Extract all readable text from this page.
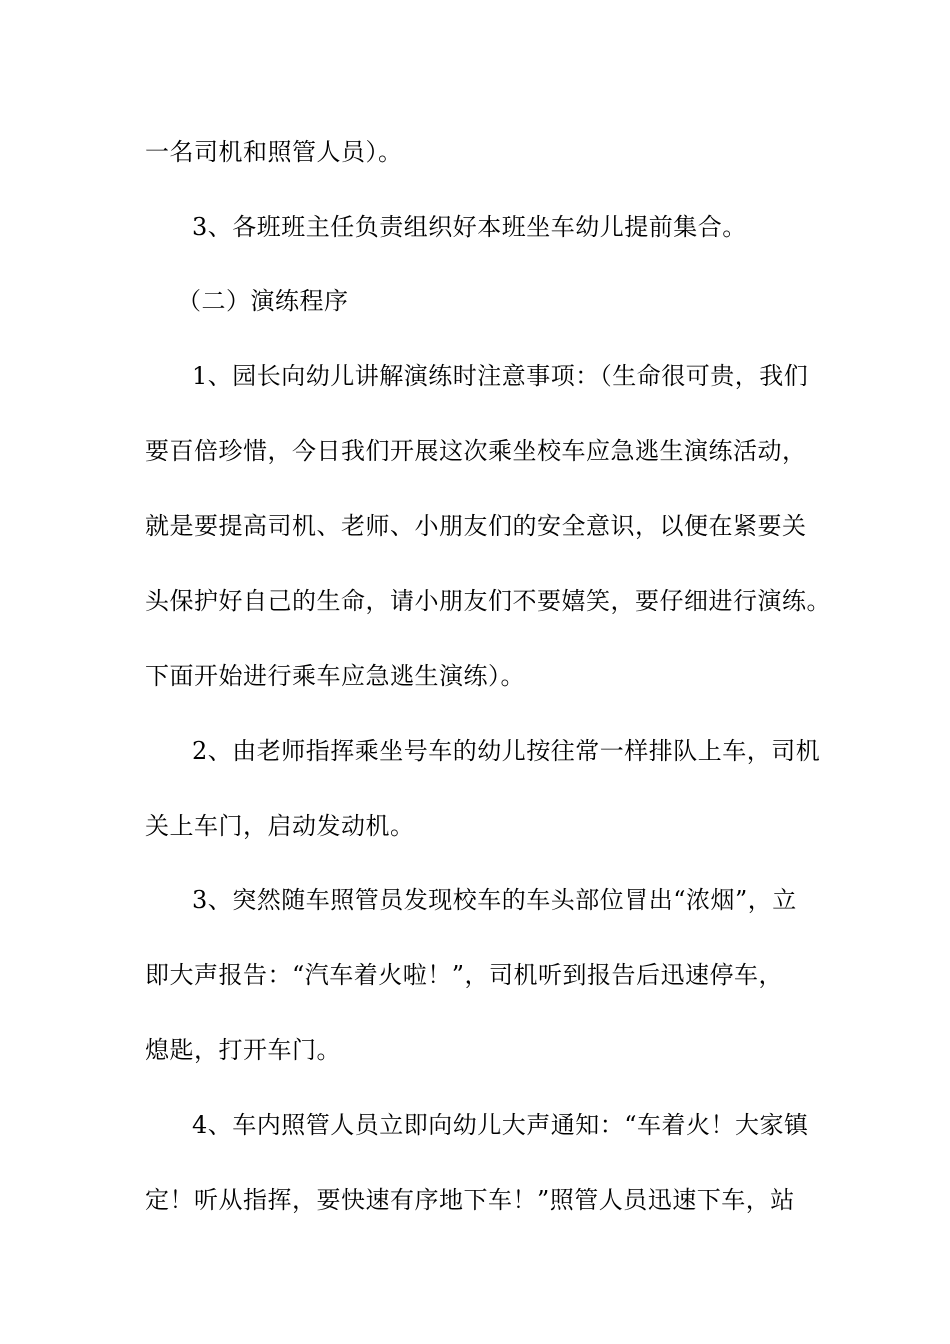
一名司机和照管人员）。
3、各班班主任负责组织好本班坐车幼儿提前集合。
（二）演练程序
1、园长向幼儿讲解演练时注意事项：（生命很可贵，我们
要百倍珍惜，今日我们开展这次乘坐校车应急逃生演练活动，
就是要提高司机、老师、小朋友们的安全意识，以便在紧要关
头保护好自己的生命，请小朋友们不要嬉笑，要仔细进行演练。
下面开始进行乘车应急逃生演练）。
2、由老师指挥乘坐号车的幼儿按往常一样排队上车，司机
关上车门，启动发动机。
3、突然随车照管员发现校车的车头部位冒出“浓烟”，立
即大声报告：“汽车着火啦！”，司机听到报告后迅速停车，
熄匙，打开车门。
4、车内照管人员立即向幼儿大声通知：“车着火！大家镇
定！听从指挥，要快速有序地下车！”照管人员迅速下车，站
